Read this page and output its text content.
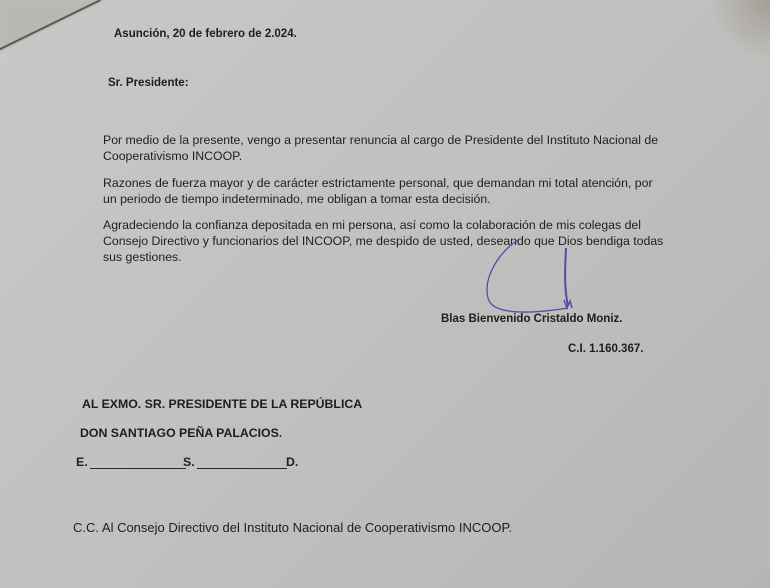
Asunción, 20 de febrero de 2.024.
Sr. Presidente:
Por medio de la presente, vengo a presentar renuncia al cargo de Presidente del Instituto Nacional de Cooperativismo INCOOP.
Razones de fuerza mayor y de carácter estrictamente personal, que demandan mi total atención, por un periodo de tiempo indeterminado, me obligan a tomar esta decisión.
Agradeciendo la confianza depositada en mi persona, así como la colaboración de mis colegas del Consejo Directivo y funcionarios del INCOOP, me despido de usted, deseando que Dios bendiga todas sus gestiones.
Blas Bienvenido Cristaldo Moniz.
C.I. 1.160.367.
AL EXMO. SR. PRESIDENTE DE LA REPÚBLICA
DON SANTIAGO PEÑA PALACIOS.
E.	S.	D.
C.C. Al Consejo Directivo del Instituto Nacional de Cooperativismo INCOOP.
